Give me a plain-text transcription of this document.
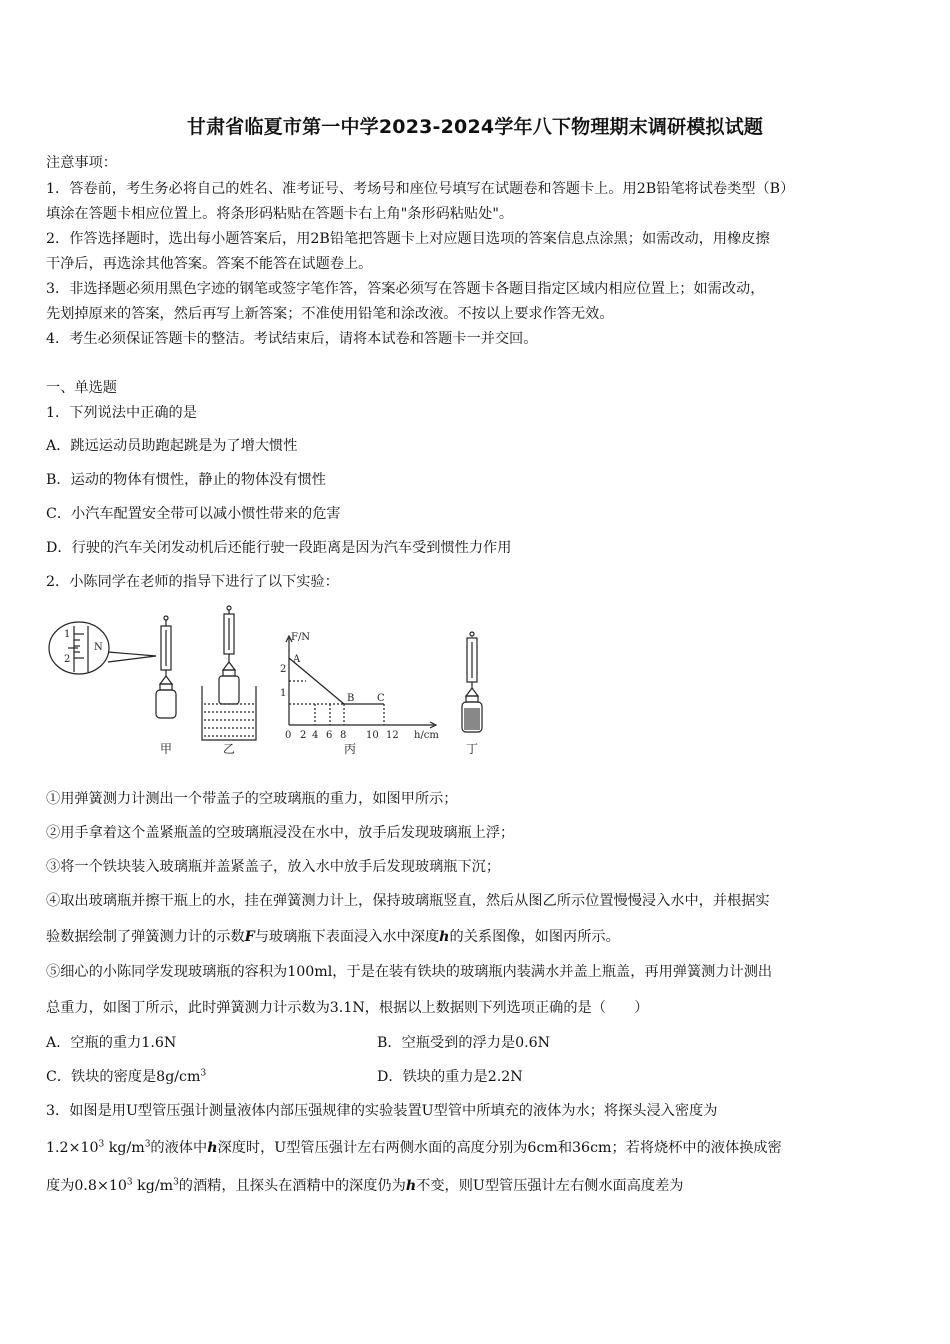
甘肃省临夏市第一中学2023-2024学年八下物理期末调研模拟试题
注意事项：
1．答卷前，考生务必将自己的姓名、准考证号、考场号和座位号填写在试题卷和答题卡上。用2B铅笔将试卷类型（B）
填涂在答题卡相应位置上。将条形码粘贴在答题卡右上角"条形码粘贴处"。
2．作答选择题时，选出每小题答案后，用2B铅笔把答题卡上对应题目选项的答案信息点涂黑；如需改动，用橡皮擦
干净后，再选涂其他答案。答案不能答在试题卷上。
3．非选择题必须用黑色字迹的钢笔或签字笔作答，答案必须写在答题卡各题目指定区域内相应位置上；如需改动，
先划掉原来的答案，然后再写上新答案；不准使用铅笔和涂改液。不按以上要求作答无效。
4．考生必须保证答题卡的整洁。考试结束后，请将本试卷和答题卡一并交回。
一、单选题
1．下列说法中正确的是
A．跳远运动员助跑起跳是为了增大惯性
B．运动的物体有惯性，静止的物体没有惯性
C．小汽车配置安全带可以减小惯性带来的危害
D．行驶的汽车关闭发动机后还能行驶一段距离是因为汽车受到惯性力作用
2．小陈同学在老师的指导下进行了以下实验：
1
2
N
F/N
2
1
A
B C
0 2 4 6 8 10 12 h/cm
甲	乙	丙	丁
①用弹簧测力计测出一个带盖子的空玻璃瓶的重力，如图甲所示；
②用手拿着这个盖紧瓶盖的空玻璃瓶浸没在水中，放手后发现玻璃瓶上浮；
③将一个铁块装入玻璃瓶并盖紧盖子，放入水中放手后发现玻璃瓶下沉；
④取出玻璃瓶并擦干瓶上的水，挂在弹簧测力计上，保持玻璃瓶竖直，然后从图乙所示位置慢慢浸入水中，并根据实
验数据绘制了弹簧测力计的示数F与玻璃瓶下表面浸入水中深度h的关系图像，如图丙所示。
⑤细心的小陈同学发现玻璃瓶的容积为100ml，于是在装有铁块的玻璃瓶内装满水并盖上瓶盖，再用弹簧测力计测出
总重力，如图丁所示，此时弹簧测力计示数为3.1N，根据以上数据则下列选项正确的是（　　）
A．空瓶的重力1.6N	B．空瓶受到的浮力是0.6N
C．铁块的密度是$8g/cm^3$	D．铁块的重力是2.2N
3．如图是用U型管压强计测量液体内部压强规律的实验装置U型管中所填充的液体为水；将探头浸入密度为
$1.2\times 10^3$ $kg/m^3$的液体中h深度时，U型管压强计左右两侧水面的高度分别为6cm和36cm；若将烧杯中的液体换成密
度为$0.8\times 10^3$ $kg/m^3$的酒精，且探头在酒精中的深度仍为h不变，则U型管压强计左右侧水面高度差为
